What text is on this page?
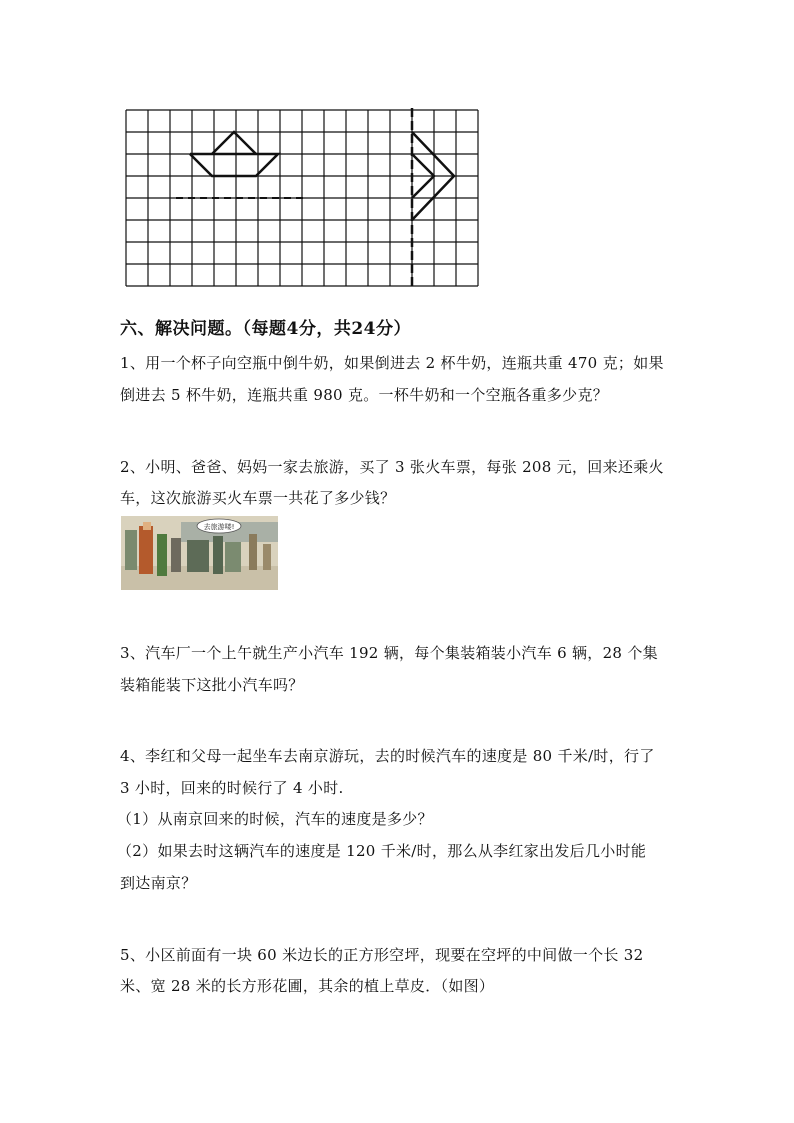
六、解决问题。（每题4分，共24分）
1、用一个杯子向空瓶中倒牛奶，如果倒进去 2 杯牛奶，连瓶共重 470 克；如果
倒进去 5 杯牛奶，连瓶共重 980 克。一杯牛奶和一个空瓶各重多少克？
2、小明、爸爸、妈妈一家去旅游，买了 3 张火车票，每张 208 元，回来还乘火
车，这次旅游买火车票一共花了多少钱？
去旅游喽!
3、汽车厂一个上午就生产小汽车 192 辆，每个集装箱装小汽车 6 辆，28 个集
装箱能装下这批小汽车吗？
4、李红和父母一起坐车去南京游玩，去的时候汽车的速度是 80 千米/时，行了
3 小时，回来的时候行了 4 小时.
（1）从南京回来的时候，汽车的速度是多少？
（2）如果去时这辆汽车的速度是 120 千米/时，那么从李红家出发后几小时能
到达南京？
5、小区前面有一块 60 米边长的正方形空坪，现要在空坪的中间做一个长 32
米、宽 28 米的长方形花圃，其余的植上草皮．（如图）
